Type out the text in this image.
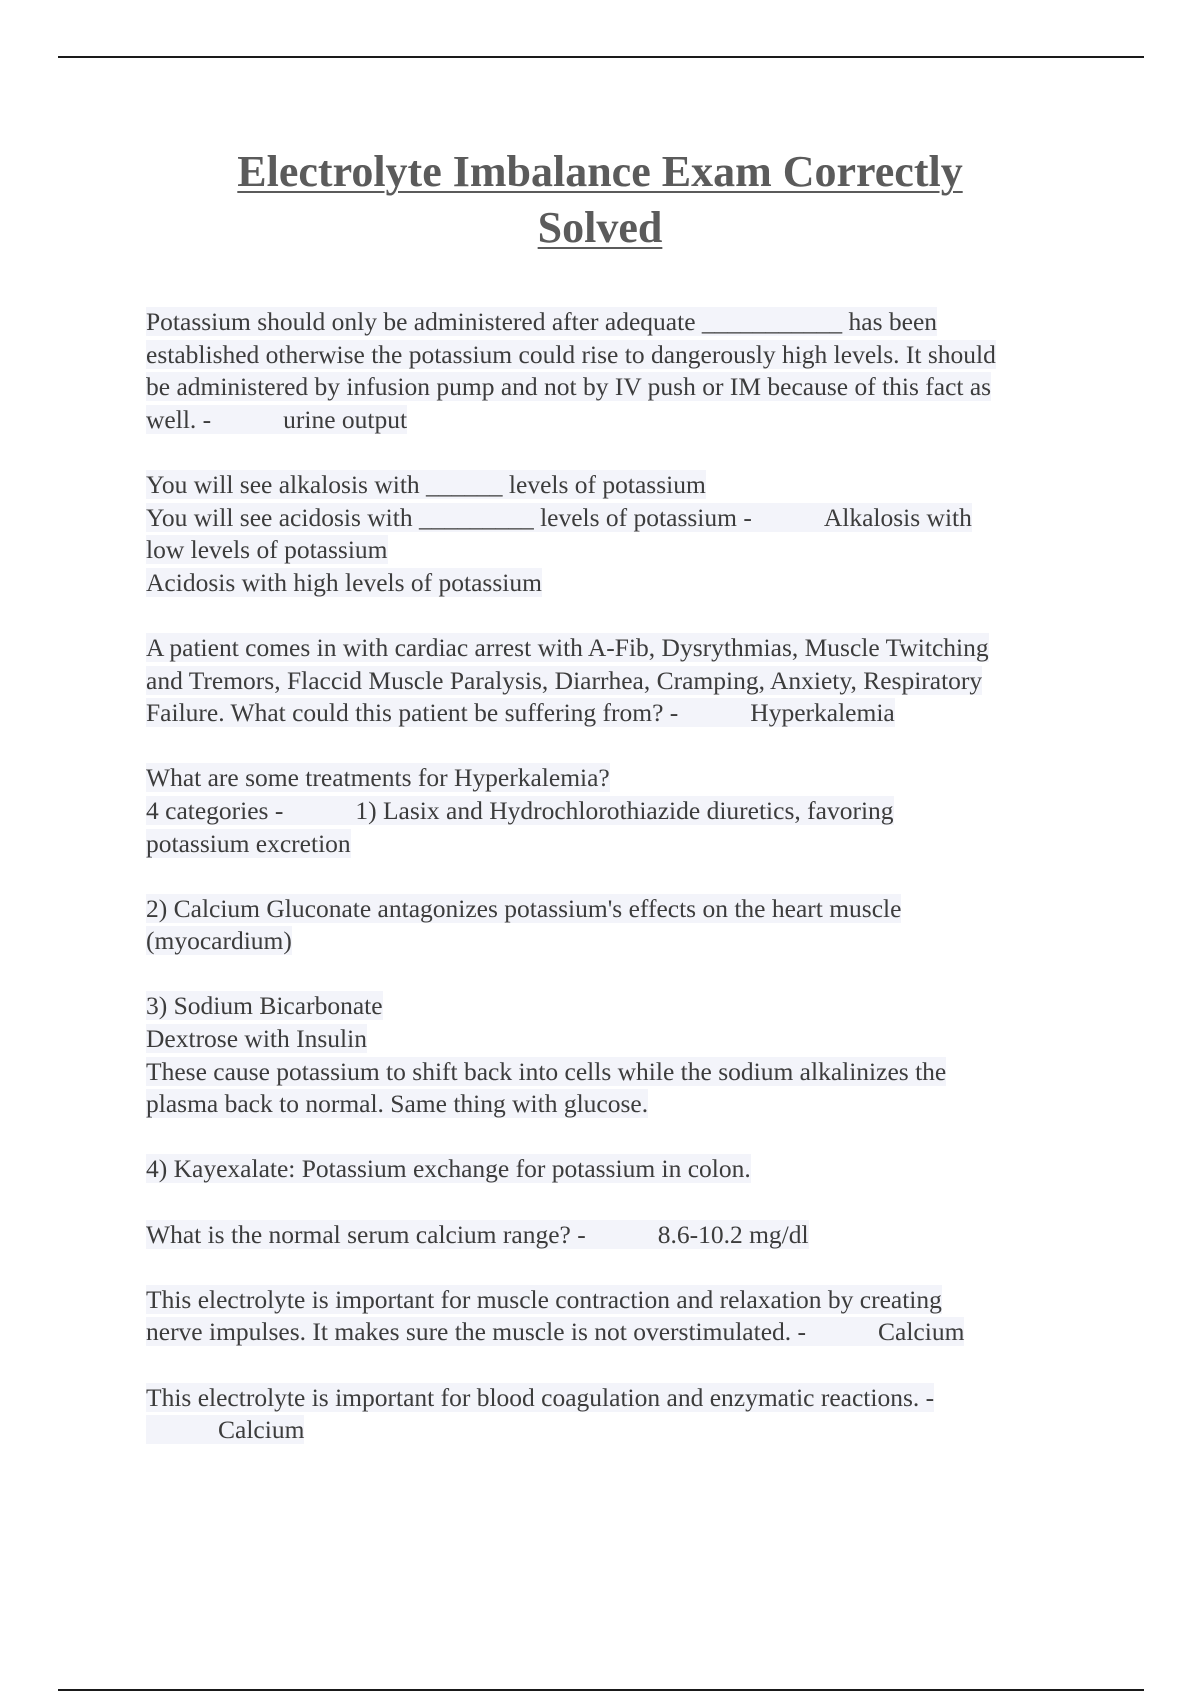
Electrolyte Imbalance Exam Correctly
Solved
Potassium should only be administered after adequate ___________ has been
established otherwise the potassium could rise to dangerously high levels. It should
be administered by infusion pump and not by IV push or IM because of this fact as
well. -	urine output
You will see alkalosis with ______ levels of potassium
You will see acidosis with _________ levels of potassium -	Alkalosis with
low levels of potassium
Acidosis with high levels of potassium
A patient comes in with cardiac arrest with A-Fib, Dysrythmias, Muscle Twitching
and Tremors, Flaccid Muscle Paralysis, Diarrhea, Cramping, Anxiety, Respiratory
Failure. What could this patient be suffering from? -	Hyperkalemia
What are some treatments for Hyperkalemia?
4 categories -	1) Lasix and Hydrochlorothiazide diuretics, favoring
potassium excretion
2) Calcium Gluconate antagonizes potassium's effects on the heart muscle
(myocardium)
3) Sodium Bicarbonate
Dextrose with Insulin
These cause potassium to shift back into cells while the sodium alkalinizes the
plasma back to normal. Same thing with glucose.
4) Kayexalate: Potassium exchange for potassium in colon.
What is the normal serum calcium range? -	8.6-10.2 mg/dl
This electrolyte is important for muscle contraction and relaxation by creating
nerve impulses. It makes sure the muscle is not overstimulated. -	Calcium
This electrolyte is important for blood coagulation and enzymatic reactions. -
Calcium
